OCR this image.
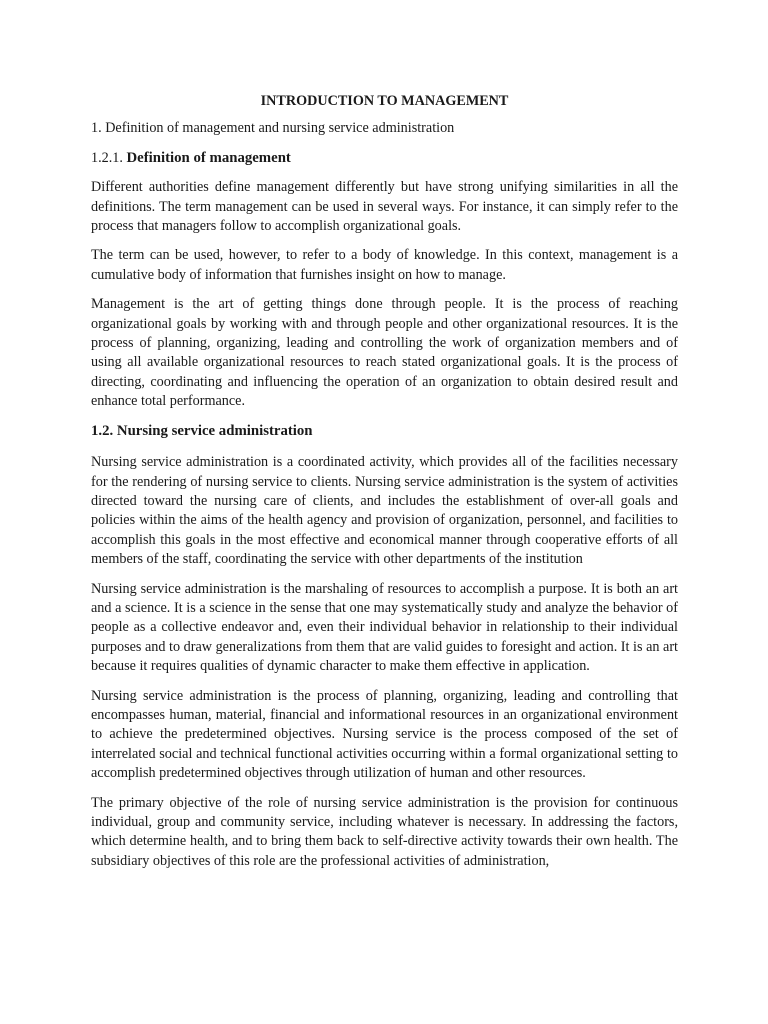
INTRODUCTION TO MANAGEMENT
1. Definition of management and nursing service administration
1.2.1. Definition of management

Different authorities define management differently but have strong unifying similarities in all the definitions. The term management can be used in several ways. For instance, it can simply refer to the process that managers follow to accomplish organizational goals.

The term can be used, however, to refer to a body of knowledge. In this context, management is a cumulative body of information that furnishes insight on how to manage.

Management is the art of getting things done through people. It is the process of reaching organizational goals by working with and through people and other organizational resources. It is the process of planning, organizing, leading and controlling the work of organization members and of using all available organizational resources to reach stated organizational goals. It is the process of directing, coordinating and influencing the operation of an organization to obtain desired result and enhance total performance.

1.2. Nursing service administration

Nursing service administration is a coordinated activity, which provides all of the facilities necessary for the rendering of nursing service to clients. Nursing service administration is the system of activities directed toward the nursing care of clients, and includes the establishment of over-all goals and policies within the aims of the health agency and provision of organization, personnel, and facilities to accomplish this goals in the most effective and economical manner through cooperative efforts of all members of the staff, coordinating the service with other departments of the institution

Nursing service administration is the marshaling of resources to accomplish a purpose. It is both an art and a science. It is a science in the sense that one may systematically study and analyze the behavior of people as a collective endeavor and, even their individual behavior in relationship to their individual purposes and to draw generalizations from them that are valid guides to foresight and action. It is an art because it requires qualities of dynamic character to make them effective in application.

Nursing service administration is the process of planning, organizing, leading and controlling that encompasses human, material, financial and informational resources in an organizational environment to achieve the predetermined objectives. Nursing service is the process composed of the set of interrelated social and technical functional activities occurring within a formal organizational setting to accomplish predetermined objectives through utilization of human and other resources.

The primary objective of the role of nursing service administration is the provision for continuous individual, group and community service, including whatever is necessary. In addressing the factors, which determine health, and to bring them back to self-directive activity towards their own health. The subsidiary objectives of this role are the professional activities of administration,
